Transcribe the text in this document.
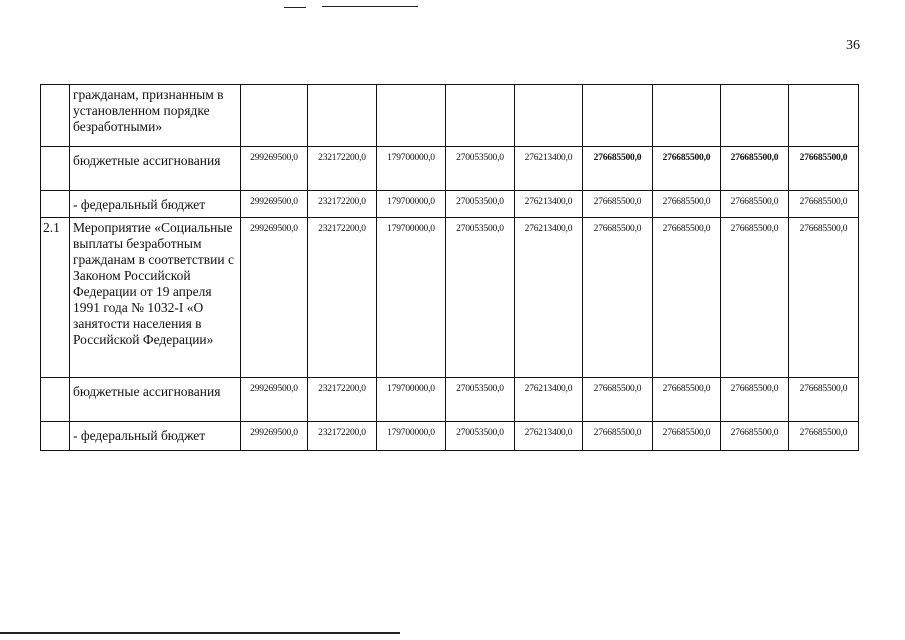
36
	гражданам, признанным в установленном порядке безработными»									
	бюджетные ассигнования	299269500,0	232172200,0	179700000,0	270053500,0	276213400,0	276685500,0	276685500,0	276685500,0	276685500,0
	- федеральный бюджет	299269500,0	232172200,0	179700000,0	270053500,0	276213400,0	276685500,0	276685500,0	276685500,0	276685500,0
2.1	Мероприятие «Социальные выплаты безработным гражданам в соответствии с Законом Российской Федерации от 19 апреля 1991 года № 1032-I «О занятости населения в Российской Федерации»	299269500,0	232172200,0	179700000,0	270053500,0	276213400,0	276685500,0	276685500,0	276685500,0	276685500,0
	бюджетные ассигнования	299269500,0	232172200,0	179700000,0	270053500,0	276213400,0	276685500,0	276685500,0	276685500,0	276685500,0
	- федеральный бюджет	299269500,0	232172200,0	179700000,0	270053500,0	276213400,0	276685500,0	276685500,0	276685500,0	276685500,0
